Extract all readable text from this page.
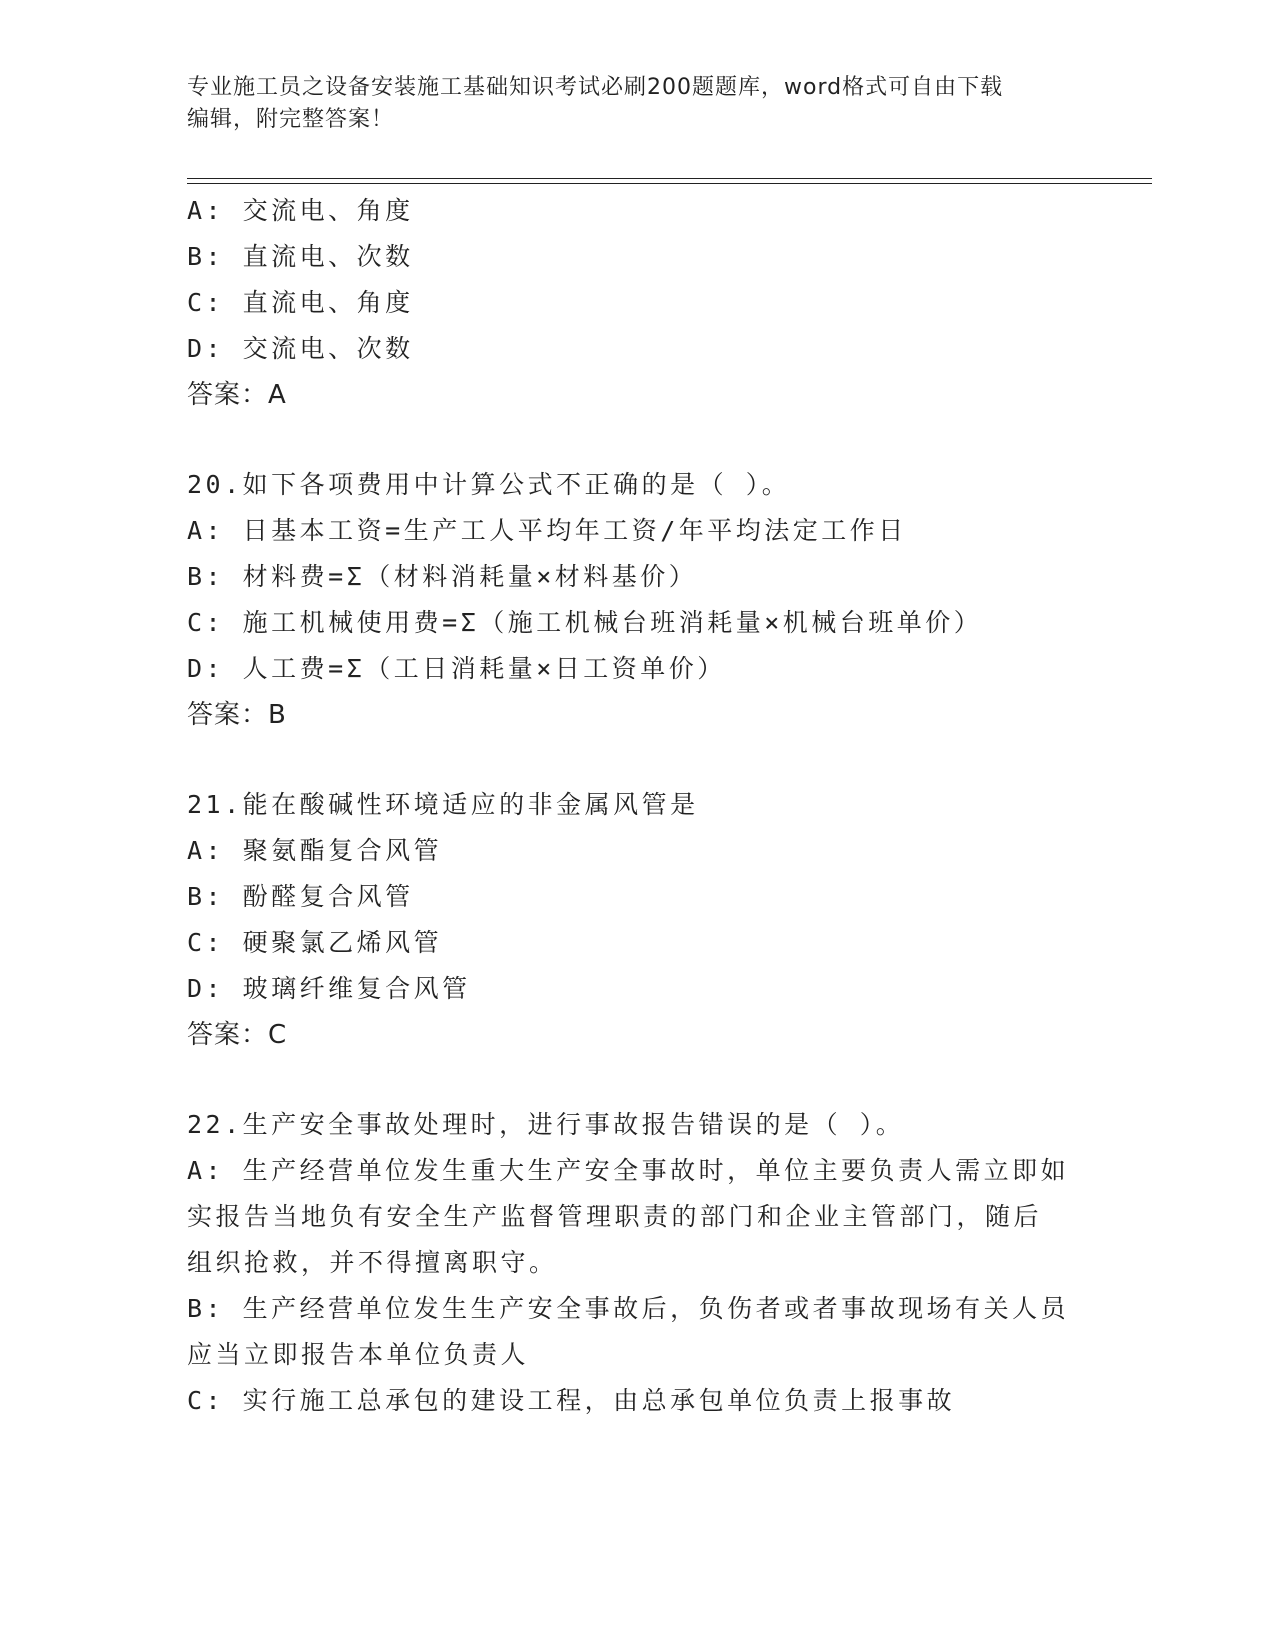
专业施工员之设备安装施工基础知识考试必刷200题题库，word格式可自由下载
编辑，附完整答案！
A: 交流电、角度
B: 直流电、次数
C: 直流电、角度
D: 交流电、次数
答案：A
20.如下各项费用中计算公式不正确的是（ ）。
A: 日基本工资=生产工人平均年工资/年平均法定工作日
B: 材料费=Σ（材料消耗量×材料基价）
C: 施工机械使用费=Σ（施工机械台班消耗量×机械台班单价）
D: 人工费=Σ（工日消耗量×日工资单价）
答案：B
21.能在酸碱性环境适应的非金属风管是
A: 聚氨酯复合风管
B: 酚醛复合风管
C: 硬聚氯乙烯风管
D: 玻璃纤维复合风管
答案：C
22.生产安全事故处理时，进行事故报告错误的是（ ）。
A: 生产经营单位发生重大生产安全事故时，单位主要负责人需立即如
实报告当地负有安全生产监督管理职责的部门和企业主管部门，随后
组织抢救，并不得擅离职守。
B: 生产经营单位发生生产安全事故后，负伤者或者事故现场有关人员
应当立即报告本单位负责人
C: 实行施工总承包的建设工程，由总承包单位负责上报事故
